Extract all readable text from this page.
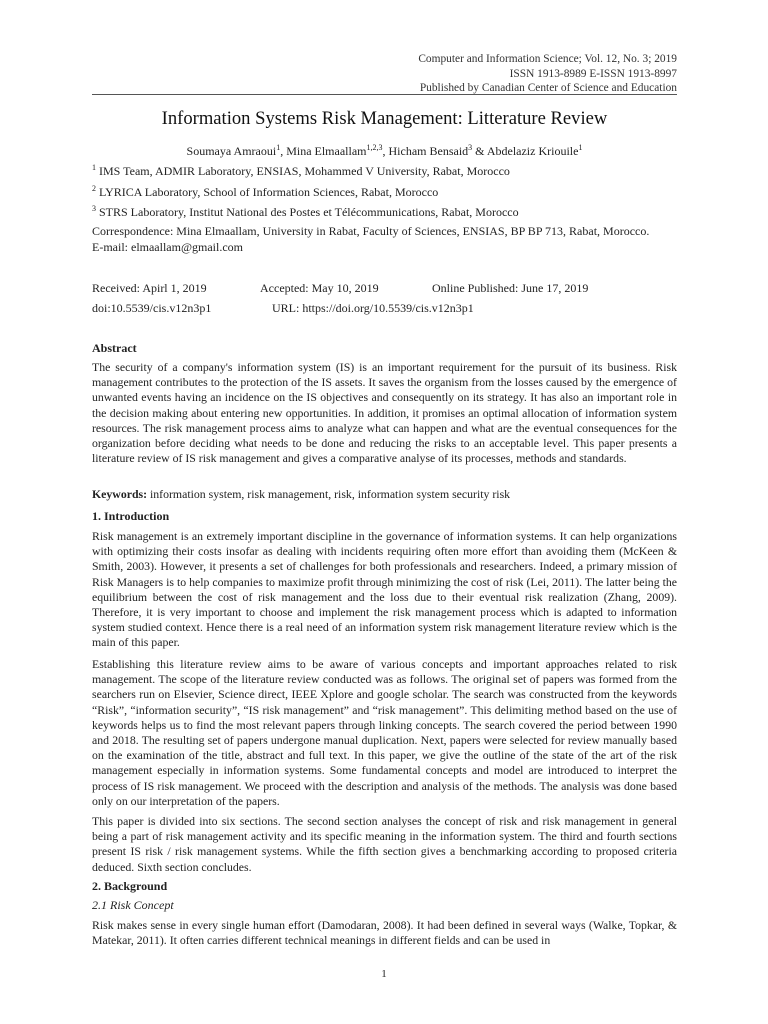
Computer and Information Science; Vol. 12, No. 3; 2019
ISSN 1913-8989 E-ISSN 1913-8997
Published by Canadian Center of Science and Education
Information Systems Risk Management: Litterature Review
Soumaya Amraoui$^1$, Mina Elmaallam$^{1,2,3}$, Hicham Bensaid$^3$ & Abdelaziz Kriouile$^1$
$^1$ IMS Team, ADMIR Laboratory, ENSIAS, Mohammed V University, Rabat, Morocco
$^2$ LYRICA Laboratory, School of Information Sciences, Rabat, Morocco
$^3$ STRS Laboratory, Institut National des Postes et Télécommunications, Rabat, Morocco
Correspondence: Mina Elmaallam, University in Rabat, Faculty of Sciences, ENSIAS, BP BP 713, Rabat, Morocco.
E-mail: elmaallam@gmail.com
Received: Apirl 1, 2019	Accepted: May 10, 2019	Online Published: June 17, 2019
doi:10.5539/cis.v12n3p1	URL: https://doi.org/10.5539/cis.v12n3p1
Abstract

The security of a company's information system (IS) is an important requirement for the pursuit of its business. Risk management contributes to the protection of the IS assets. It saves the organism from the losses caused by the emergence of unwanted events having an incidence on the IS objectives and consequently on its strategy. It has also an important role in the decision making about entering new opportunities. In addition, it promises an optimal allocation of information system resources. The risk management process aims to analyze what can happen and what are the eventual consequences for the organization before deciding what needs to be done and reducing the risks to an acceptable level. This paper presents a literature review of IS risk management and gives a comparative analyse of its processes, methods and standards.

Keywords: information system, risk management, risk, information system security risk

1. Introduction

Risk management is an extremely important discipline in the governance of information systems. It can help organizations with optimizing their costs insofar as dealing with incidents requiring often more effort than avoiding them (McKeen & Smith, 2003). However, it presents a set of challenges for both professionals and researchers. Indeed, a primary mission of Risk Managers is to help companies to maximize profit through minimizing the cost of risk (Lei, 2011). The latter being the equilibrium between the cost of risk management and the loss due to their eventual risk realization (Zhang, 2009). Therefore, it is very important to choose and implement the risk management process which is adapted to information system studied context. Hence there is a real need of an information system risk management literature review which is the main of this paper.

Establishing this literature review aims to be aware of various concepts and important approaches related to risk management. The scope of the literature review conducted was as follows. The original set of papers was formed from the searchers run on Elsevier, Science direct, IEEE Xplore and google scholar. The search was constructed from the keywords “Risk”, “information security”, “IS risk management” and “risk management”. This delimiting method based on the use of keywords helps us to find the most relevant papers through linking concepts. The search covered the period between 1990 and 2018. The resulting set of papers undergone manual duplication. Next, papers were selected for review manually based on the examination of the title, abstract and full text. In this paper, we give the outline of the state of the art of the risk management especially in information systems. Some fundamental concepts and model are introduced to interpret the process of IS risk management. We proceed with the description and analysis of the methods. The analysis was done based only on our interpretation of the papers.

This paper is divided into six sections. The second section analyses the concept of risk and risk management in general being a part of risk management activity and its specific meaning in the information system. The third and fourth sections present IS risk / risk management systems. While the fifth section gives a benchmarking according to proposed criteria deduced. Sixth section concludes.

2. Background
2.1 Risk Concept

Risk makes sense in every single human effort (Damodaran, 2008). It had been defined in several ways (Walke, Topkar, & Matekar, 2011). It often carries different technical meanings in different fields and can be used in

1
